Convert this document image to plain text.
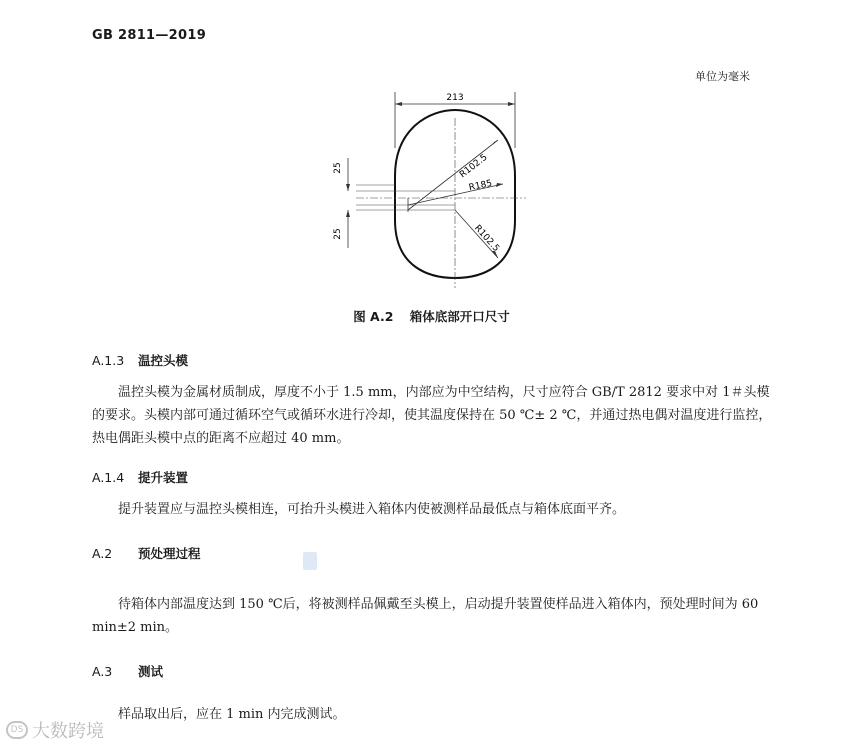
GB 2811—2019
单位为毫米
213
25
25
R102.5
R185
R102.5
图 A.2 箱体底部开口尺寸
A.1.3 温控头模
温控头模为金属材质制成，厚度不小于 1.5 mm，内部应为中空结构，尺寸应符合 GB/T 2812 要求中对 1＃头模的要求。头模内部可通过循环空气或循环水进行冷却，使其温度保持在 50 ℃± 2 ℃，并通过热电偶对温度进行监控，热电偶距头模中点的距离不应超过 40 mm。
A.1.4 提升装置
提升装置应与温控头模相连，可抬升头模进入箱体内使被测样品最低点与箱体底面平齐。
A.2 预处理过程
待箱体内部温度达到 150 ℃后，将被测样品佩戴至头模上，启动提升装置使样品进入箱体内，预处理时间为 60 min±2 min。
A.3 测试
样品取出后，应在 1 min 内完成测试。
DS 大数跨境
